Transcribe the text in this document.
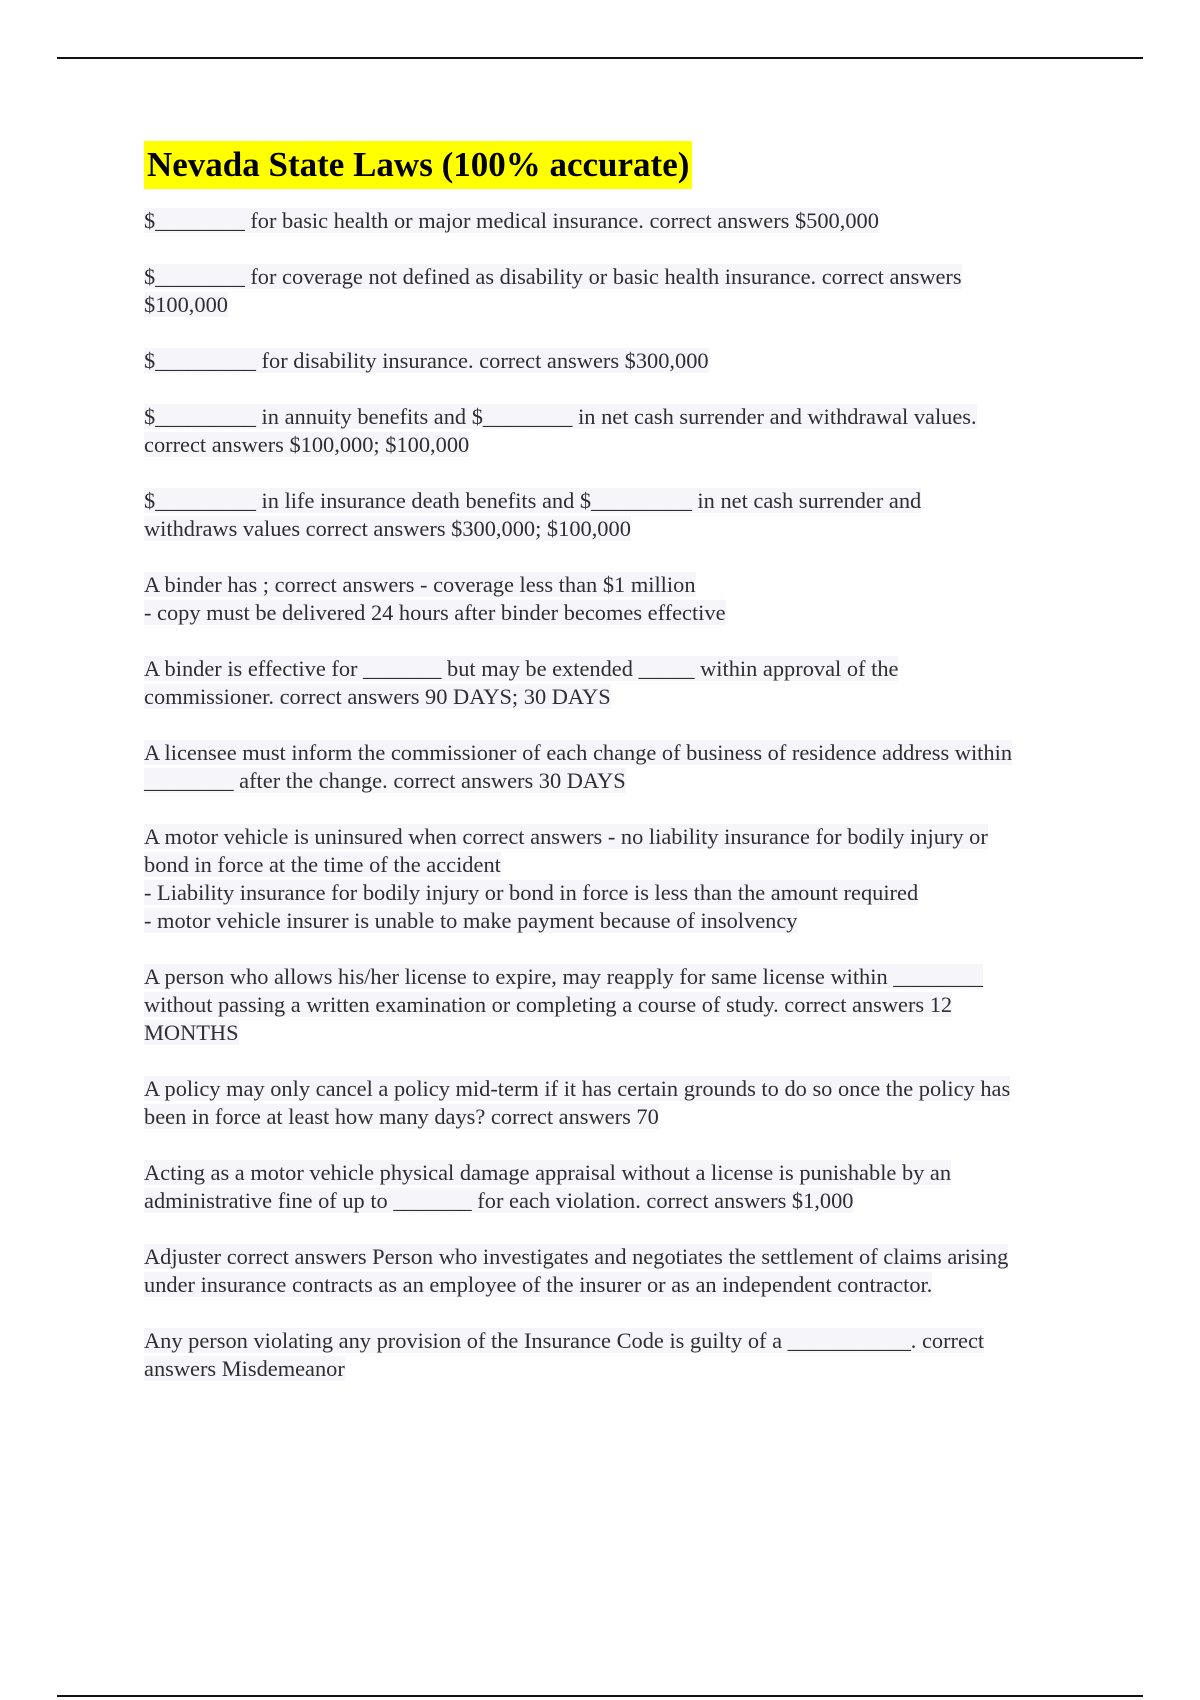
Nevada State Laws (100% accurate)
$________ for basic health or major medical insurance. correct answers $500,000
$________ for coverage not defined as disability or basic health insurance. correct answers
$100,000
$_________ for disability insurance. correct answers $300,000
$_________ in annuity benefits and $________ in net cash surrender and withdrawal values.
correct answers $100,000; $100,000
$_________ in life insurance death benefits and $_________ in net cash surrender and
withdraws values correct answers $300,000; $100,000
A binder has ; correct answers - coverage less than $1 million
- copy must be delivered 24 hours after binder becomes effective
A binder is effective for _______ but may be extended _____ within approval of the
commissioner. correct answers 90 DAYS; 30 DAYS
A licensee must inform the commissioner of each change of business of residence address within
________ after the change. correct answers 30 DAYS
A motor vehicle is uninsured when correct answers - no liability insurance for bodily injury or
bond in force at the time of the accident
- Liability insurance for bodily injury or bond in force is less than the amount required
- motor vehicle insurer is unable to make payment because of insolvency
A person who allows his/her license to expire, may reapply for same license within ________
without passing a written examination or completing a course of study. correct answers 12
MONTHS
A policy may only cancel a policy mid-term if it has certain grounds to do so once the policy has
been in force at least how many days? correct answers 70
Acting as a motor vehicle physical damage appraisal without a license is punishable by an
administrative fine of up to _______ for each violation. correct answers $1,000
Adjuster correct answers Person who investigates and negotiates the settlement of claims arising
under insurance contracts as an employee of the insurer or as an independent contractor.
Any person violating any provision of the Insurance Code is guilty of a ___________. correct
answers Misdemeanor
